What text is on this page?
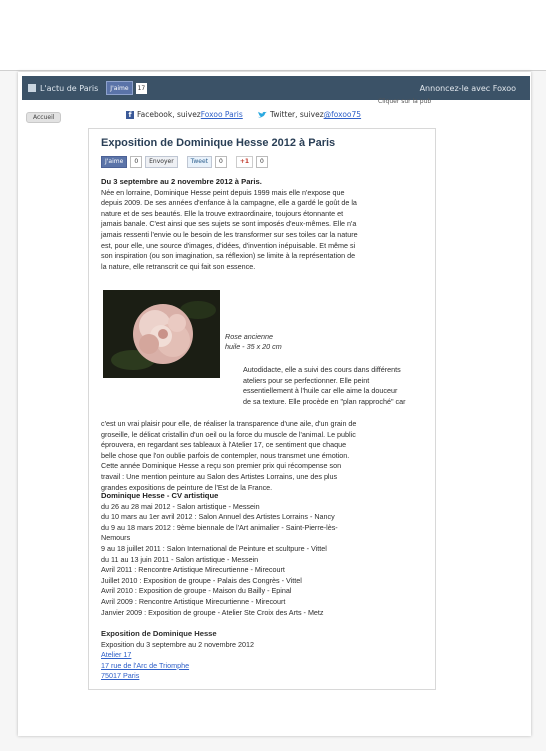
L'actu de Paris J'aime	17	Annoncez-le avec Foxoo
Accueil	f Facebook, suivez Foxoo Paris	Twitter, suivez @foxoo75
Cliquer sur la pub
Exposition de Dominique Hesse 2012 à Paris
J'aime	0	Envoyer	Tweet	0	+1	0
Du 3 septembre au 2 novembre 2012 à Paris.
Née en lorraine, Dominique Hesse peint depuis 1999 mais elle n'expose que
depuis 2009. De ses années d'enfance à la campagne, elle a gardé le goût de la
nature et de ses beautés. Elle la trouve extraordinaire, toujours étonnante et
jamais banale. C'est ainsi que ses sujets se sont imposés d'eux-mêmes. Elle n'a
jamais ressenti l'envie ou le besoin de les transformer sur ses toiles car la nature
est, pour elle, une source d'images, d'idées, d'invention inépuisable. Et même si
son inspiration (ou son imagination, sa réflexion) se limite à la représentation de
la nature, elle retranscrit ce qui fait son essence.
Rose ancienne
huile - 35 x 20 cm
Autodidacte, elle a suivi des cours dans différents
ateliers pour se perfectionner. Elle peint
essentiellement à l'huile car elle aime la douceur
de sa texture. Elle procède en "plan rapproché" car
c'est un vrai plaisir pour elle, de réaliser la transparence d'une aile, d'un grain de
groseille, le délicat cristallin d'un oeil ou la force du muscle de l'animal. Le public
éprouvera, en regardant ses tableaux à l'Atelier 17, ce sentiment que chaque
belle chose que l'on oublie parfois de contempler, nous transmet une émotion.
Cette année Dominique Hesse a reçu son premier prix qui récompense son
travail : Une mention peinture au Salon des Artistes Lorrains, une des plus
grandes expositions de peinture de l'Est de la France.
Dominique Hesse - CV artistique
du 26 au 28 mai 2012 - Salon artistique - Messein
du 10 mars au 1er avril 2012 : Salon Annuel des Artistes Lorrains - Nancy
du 9 au 18 mars 2012 : 9ème biennale de l'Art animalier - Saint-Pierre-lès-
Nemours
9 au 18 juillet 2011 : Salon International de Peinture et scultpure - Vittel
du 11 au 13 juin 2011 - Salon artistique - Messein
Avril 2011 : Rencontre Artistique Mirecurtienne - Mirecourt
Juillet 2010 : Exposition de groupe - Palais des Congrès - Vittel
Avril 2010 : Exposition de groupe - Maison du Bailly - Epinal
Avril 2009 : Rencontre Artistique Mirecurtienne - Mirecourt
Janvier 2009 : Exposition de groupe - Atelier Ste Croix des Arts - Metz
Exposition de Dominique Hesse
Exposition du 3 septembre au 2 novembre 2012
Atelier 17
17 rue de l'Arc de Triomphe
75017 Paris
